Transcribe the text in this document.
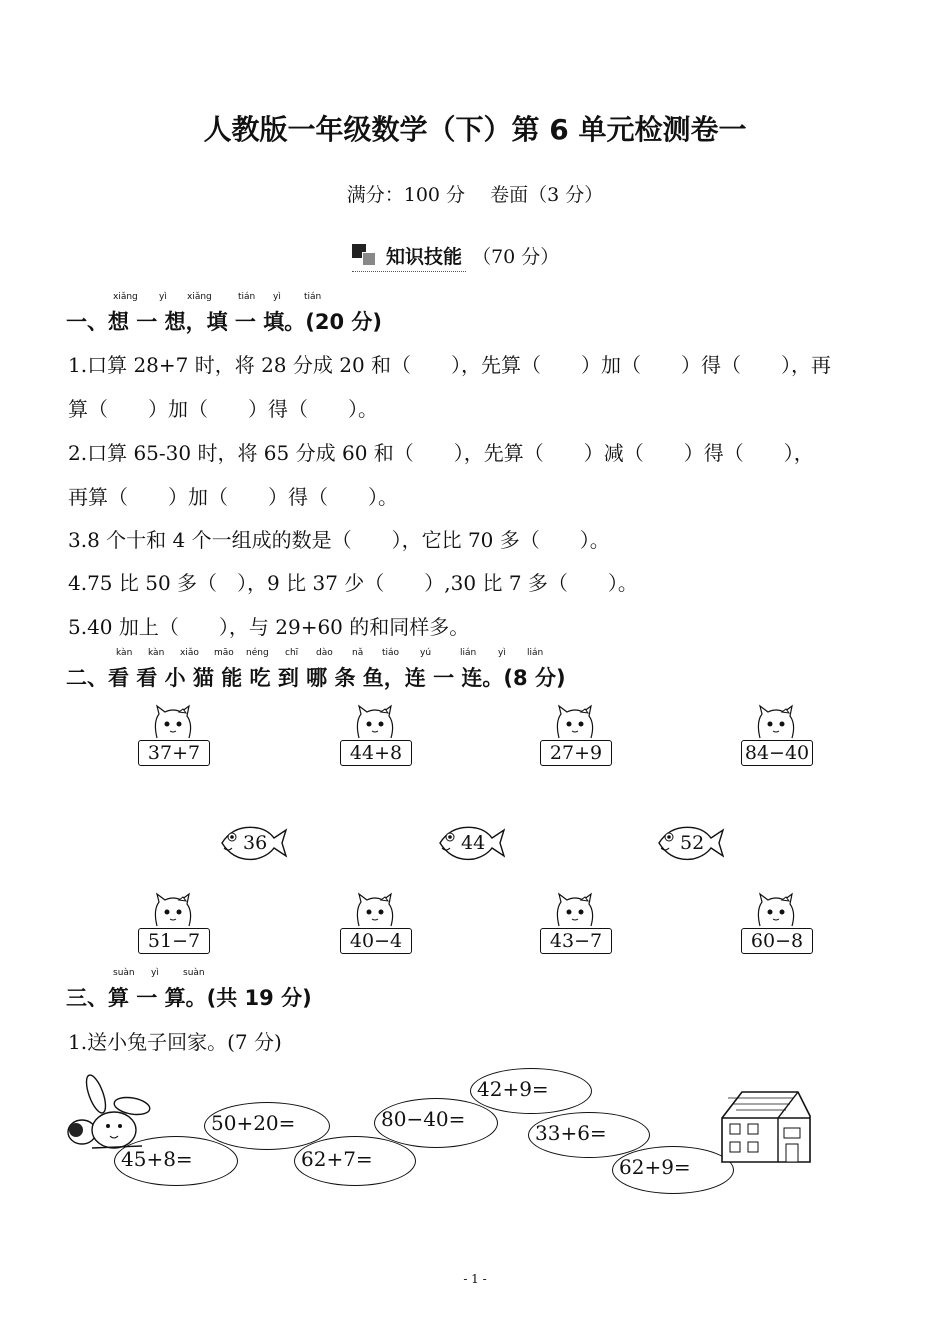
人教版一年级数学（下）第 6 单元检测卷一
满分：100 分　 卷面（3 分）
知识技能 （70 分）
xiǎng yì xiǎng	tián yì	tián
一、想 一 想，填 一 填。(20 分)
1.口算 28+7 时，将 28 分成 20 和（　　），先算（　　）加（　　）得（　　），再
算（　　）加（　　）得（　　）。
2.口算 65-30 时，将 65 分成 60 和（　　），先算（　　）减（　　）得（　　），
再算（　　）加（　　）得（　　）。
3.8 个十和 4 个一组成的数是（　　），它比 70 多（　　）。
4.75 比 50 多（　），9 比 37 少（　　）,30 比 7 多（　　）。
5.40 加上（　　），与 29+60 的和同样多。
kàn kàn xiǎo māo néng chī dào nǎ tiáo yú	lián yì lián
二、看 看 小 猫 能 吃 到 哪 条 鱼，连 一 连。(8 分)
37+7	44+8	27+9	84−40
36	44	52
51−7	40−4	43−7	60−8
suàn yì	suàn
三、算 一 算。(共 19 分)
1.送小兔子回家。(7 分)
45+8=
50+20=
62+7=
80−40=
42+9=
33+6=
62+9=
- 1 -
